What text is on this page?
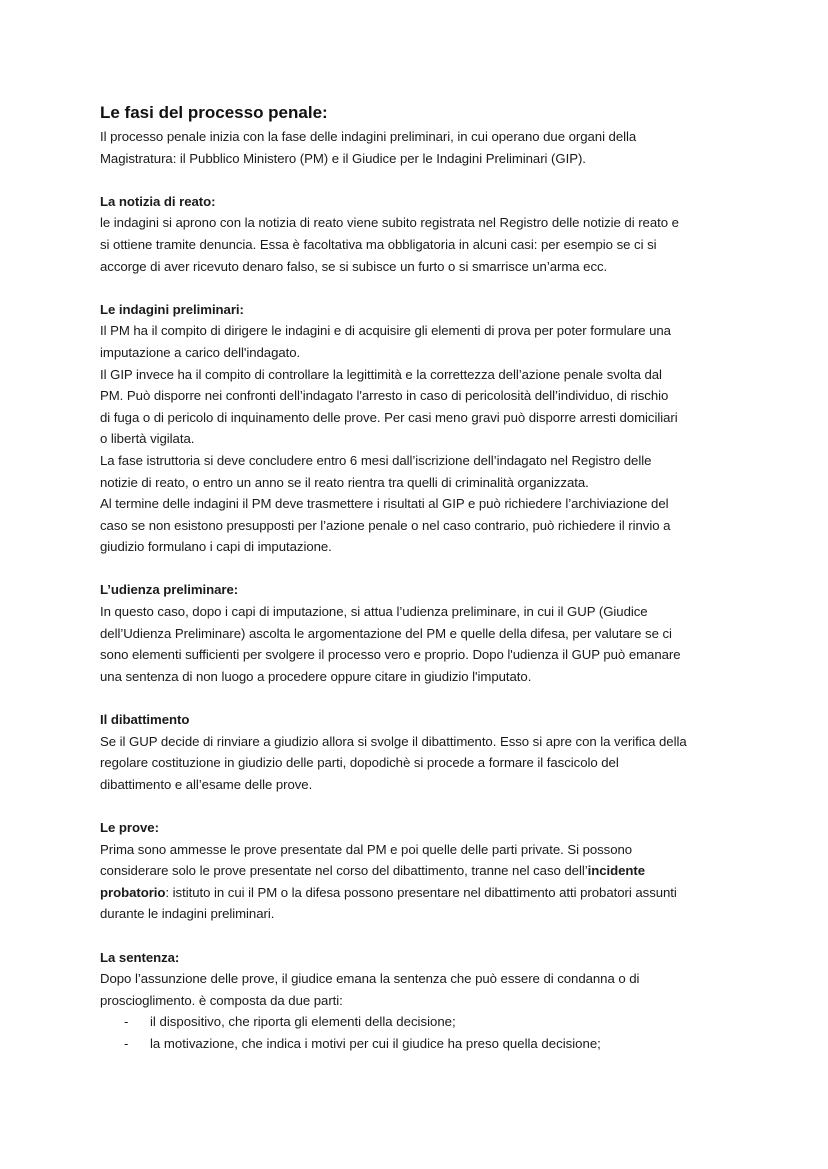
Le fasi del processo penale:

Il processo penale inizia con la fase delle indagini preliminari, in cui operano due organi della
Magistratura: il Pubblico Ministero (PM) e il Giudice per le Indagini Preliminari (GIP).

La notizia di reato:

le indagini si aprono con la notizia di reato viene subito registrata nel Registro delle notizie di reato e
si ottiene tramite denuncia. Essa è facoltativa ma obbligatoria in alcuni casi: per esempio se ci si
accorge di aver ricevuto denaro falso, se si subisce un furto o si smarrisce un’arma ecc.

Le indagini preliminari:

Il PM ha il compito di dirigere le indagini e di acquisire gli elementi di prova per poter formulare una
imputazione a carico dell'indagato.
Il GIP invece ha il compito di controllare la legittimità e la correttezza dell’azione penale svolta dal
PM. Può disporre nei confronti dell’indagato l'arresto in caso di pericolosità dell’individuo, di rischio
di fuga o di pericolo di inquinamento delle prove. Per casi meno gravi può disporre arresti domiciliari
o libertà vigilata.
La fase istruttoria si deve concludere entro 6 mesi dall’iscrizione dell’indagato nel Registro delle
notizie di reato, o entro un anno se il reato rientra tra quelli di criminalità organizzata.
Al termine delle indagini il PM deve trasmettere i risultati al GIP e può richiedere l’archiviazione del
caso se non esistono presupposti per l’azione penale o nel caso contrario, può richiedere il rinvio a
giudizio formulano i capi di imputazione.

L’udienza preliminare:

In questo caso, dopo i capi di imputazione, si attua l’udienza preliminare, in cui il GUP (Giudice
dell’Udienza Preliminare) ascolta le argomentazione del PM e quelle della difesa, per valutare se ci
sono elementi sufficienti per svolgere il processo vero e proprio. Dopo l'udienza il GUP può emanare
una sentenza di non luogo a procedere oppure citare in giudizio l'imputato.

Il dibattimento

Se il GUP decide di rinviare a giudizio allora si svolge il dibattimento. Esso si apre con la verifica della
regolare costituzione in giudizio delle parti, dopodichè si procede a formare il fascicolo del
dibattimento e all’esame delle prove.

Le prove:

Prima sono ammesse le prove presentate dal PM e poi quelle delle parti private. Si possono
considerare solo le prove presentate nel corso del dibattimento, tranne nel caso dell’incidente
probatorio: istituto in cui il PM o la difesa possono presentare nel dibattimento atti probatori assunti
durante le indagini preliminari.

La sentenza:

Dopo l’assunzione delle prove, il giudice emana la sentenza che può essere di condanna o di
proscioglimento. è composta da due parti:

- il dispositivo, che riporta gli elementi della decisione;
- la motivazione, che indica i motivi per cui il giudice ha preso quella decisione;
